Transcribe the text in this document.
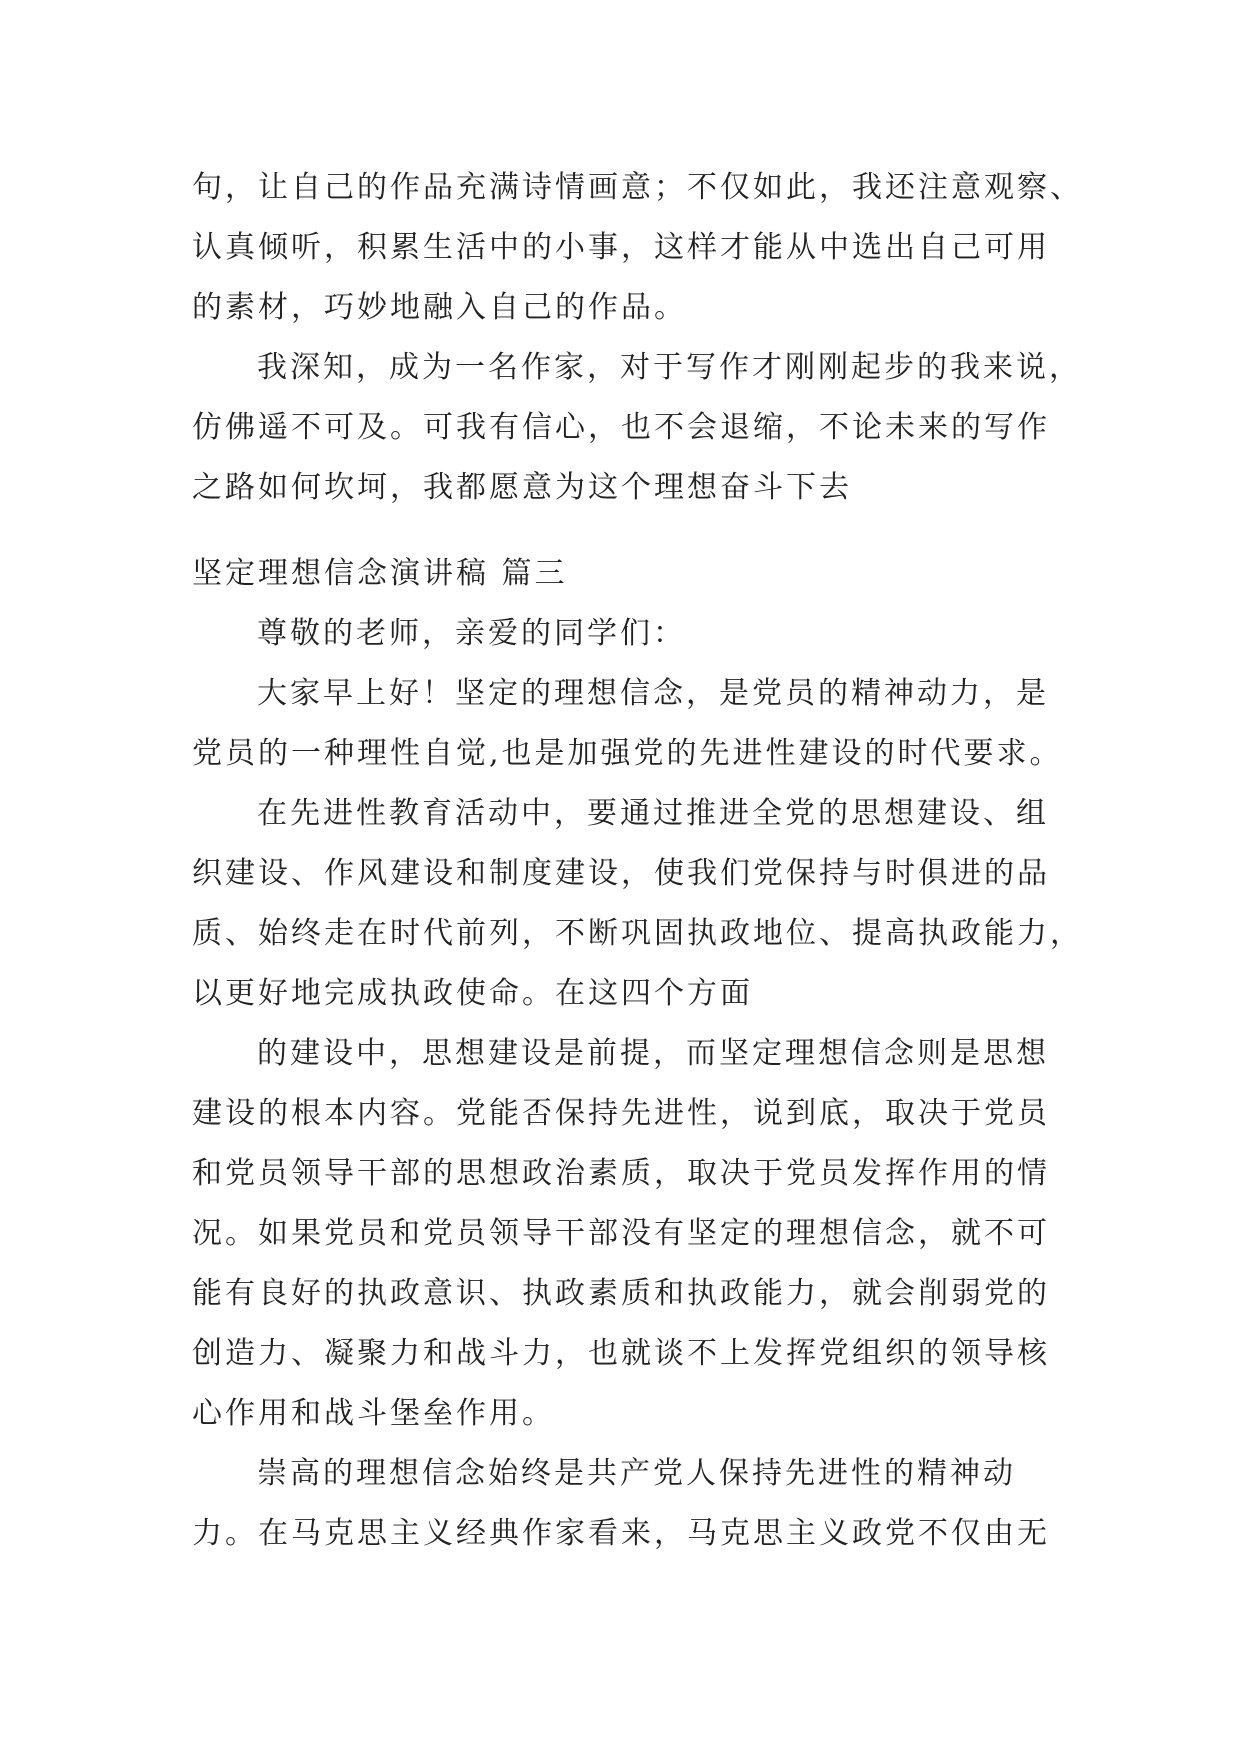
句，让自己的作品充满诗情画意；不仅如此，我还注意观察、
认真倾听，积累生活中的小事，这样才能从中选出自己可用
的素材，巧妙地融入自己的作品。
我深知，成为一名作家，对于写作才刚刚起步的我来说，
仿佛遥不可及。可我有信心，也不会退缩，不论未来的写作
之路如何坎坷，我都愿意为这个理想奋斗下去
坚定理想信念演讲稿 篇三
尊敬的老师，亲爱的同学们：
大家早上好！坚定的理想信念，是党员的精神动力，是
党员的一种理性自觉,也是加强党的先进性建设的时代要求。
在先进性教育活动中，要通过推进全党的思想建设、组
织建设、作风建设和制度建设，使我们党保持与时俱进的品
质、始终走在时代前列，不断巩固执政地位、提高执政能力，
以更好地完成执政使命。在这四个方面
的建设中，思想建设是前提，而坚定理想信念则是思想
建设的根本内容。党能否保持先进性，说到底，取决于党员
和党员领导干部的思想政治素质，取决于党员发挥作用的情
况。如果党员和党员领导干部没有坚定的理想信念，就不可
能有良好的执政意识、执政素质和执政能力，就会削弱党的
创造力、凝聚力和战斗力，也就谈不上发挥党组织的领导核
心作用和战斗堡垒作用。
崇高的理想信念始终是共产党人保持先进性的精神动
力。在马克思主义经典作家看来，马克思主义政党不仅由无
